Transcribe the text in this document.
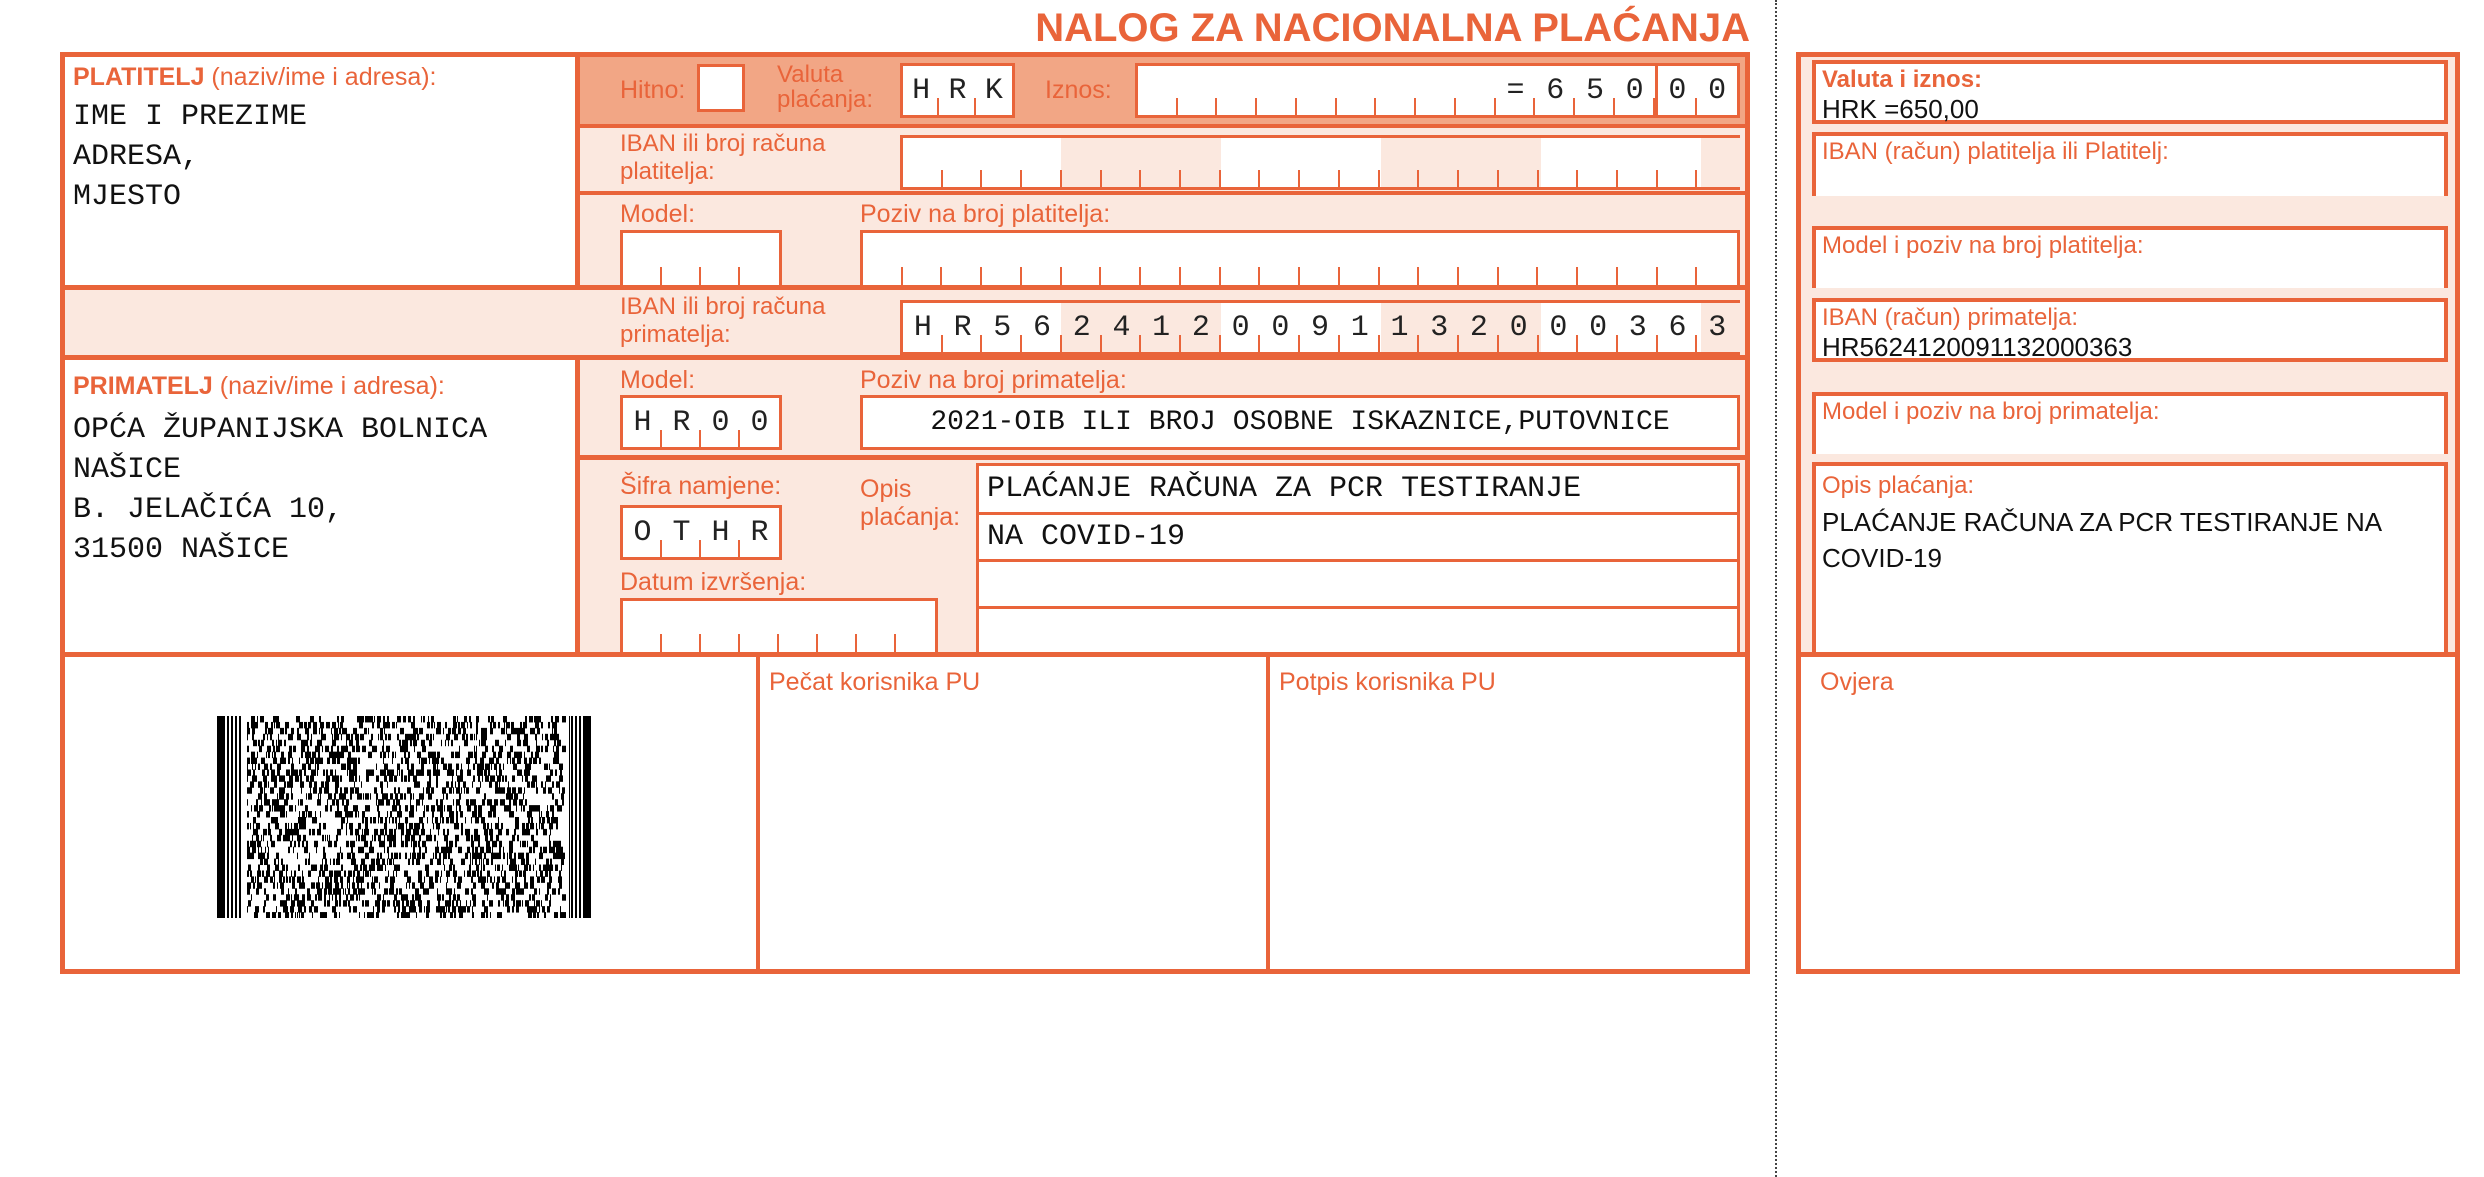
NALOG ZA NACIONALNA PLAĆANJA
PLATITELJ (naziv/ime i adresa):
IME I PREZIME
ADRESA,
MJESTO
Hitno:
Valuta
plaćanja:	H R K	Iznos:	= 6 5 0 0 0
IBAN ili broj računa
platitelja:
Model:	Poziv na broj platitelja:
IBAN ili broj računa
primatelja:	H R 5 6 2 4 1 2 0 0 9 1 1 3 2 0 0 0 3 6 3
PRIMATELJ (naziv/ime i adresa):
OPĆA ŽUPANIJSKA BOLNICA
NAŠICE
B. JELAČIĆA 10,
31500 NAŠICE
Model:
H R 0 0
Poziv na broj primatelja:
2021-OIB ILI BROJ OSOBNE ISKAZNICE,PUTOVNICE
Šifra namjene:
O T H R
Opis
plaćanja:
PLAĆANJE RAČUNA ZA PCR TESTIRANJE
NA COVID-19
Datum izvršenja:
Pečat korisnika PU	Potpis korisnika PU
Valuta i iznos:
HRK =650,00
IBAN (račun) platitelja ili Platitelj:
Model i poziv na broj platitelja:
IBAN (račun) primatelja:
HR5624120091132000363
Model i poziv na broj primatelja:
Opis plaćanja:
PLAĆANJE RAČUNA ZA PCR TESTIRANJE NA COVID-19
Ovjera
